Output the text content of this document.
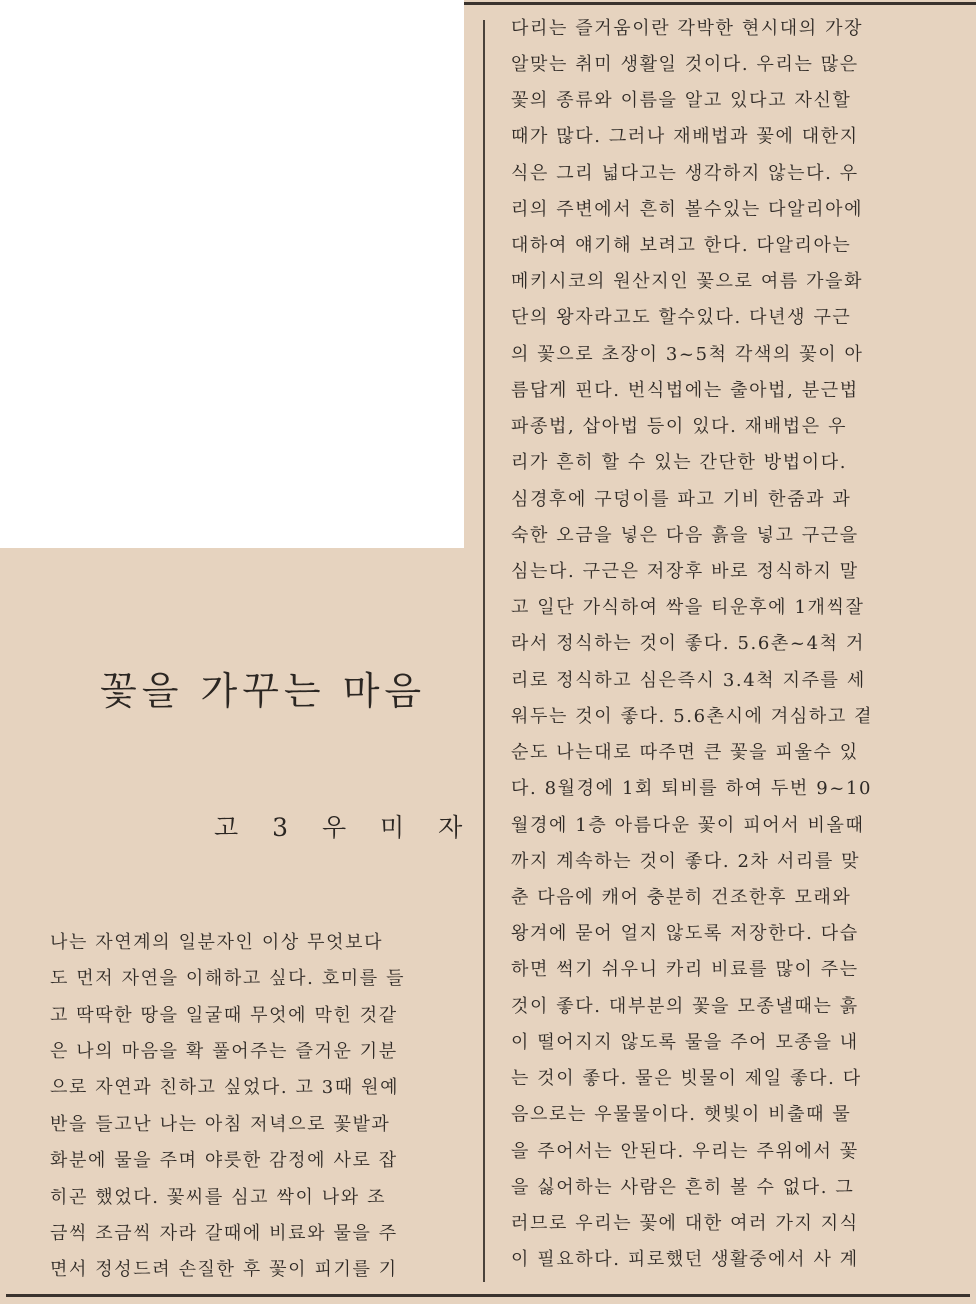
꽃을 가꾸는 마음
고 3 우 미 자
나는 자연계의 일분자인 이상 무엇보다
도 먼저 자연을 이해하고 싶다. 호미를 들
고 딱딱한 땅을 일굴때 무엇에 막힌 것같
은 나의 마음을 확 풀어주는 즐거운 기분
으로 자연과 친하고 싶었다. 고 3때 원예
반을 들고난 나는 아침 저녁으로 꽃밭과
화분에 물을 주며 야릇한 감정에 사로 잡
히곤 했었다. 꽃씨를 심고 싹이 나와 조
금씩 조금씩 자라 갈때에 비료와 물을 주
면서 정성드려 손질한 후 꽃이 피기를 기
다리는 즐거움이란 각박한 현시대의 가장
알맞는 취미 생활일 것이다. 우리는 많은
꽃의 종류와 이름을 알고 있다고 자신할
때가 많다. 그러나 재배법과 꽃에 대한지
식은 그리 넓다고는 생각하지 않는다. 우
리의 주변에서 흔히 볼수있는 다알리아에
대하여 얘기해 보려고 한다. 다알리아는
메키시코의 원산지인 꽃으로 여름 가을화
단의 왕자라고도 할수있다. 다년생 구근
의 꽃으로 초장이 3~5척 각색의 꽃이 아
름답게 핀다. 번식법에는 출아법, 분근법
파종법, 삽아법 등이 있다. 재배법은 우
리가 흔히 할 수 있는 간단한 방법이다.
심경후에 구덩이를 파고 기비 한줌과 과
숙한 오금을 넣은 다음 흙을 넣고 구근을
심는다. 구근은 저장후 바로 정식하지 말
고 일단 가식하여 싹을 티운후에 1개씩잘
라서 정식하는 것이 좋다. 5.6촌~4척 거
리로 정식하고 심은즉시 3.4척 지주를 세
워두는 것이 좋다. 5.6촌시에 겨심하고 곁
순도 나는대로 따주면 큰 꽃을 피울수 있
다. 8월경에 1회 퇴비를 하여 두번 9~10
월경에 1층 아름다운 꽃이 피어서 비올때
까지 계속하는 것이 좋다. 2차 서리를 맞
춘 다음에 캐어 충분히 건조한후 모래와
왕겨에 묻어 얼지 않도록 저장한다. 다습
하면 썩기 쉬우니 카리 비료를 많이 주는
것이 좋다. 대부분의 꽃을 모종낼때는 흙
이 떨어지지 않도록 물을 주어 모종을 내
는 것이 좋다. 물은 빗물이 제일 좋다. 다
음으로는 우물물이다. 햇빛이 비출때 물
을 주어서는 안된다. 우리는 주위에서 꽃
을 싫어하는 사람은 흔히 볼 수 없다. 그
러므로 우리는 꽃에 대한 여러 가지 지식
이 필요하다. 피로했던 생활중에서 사 계
